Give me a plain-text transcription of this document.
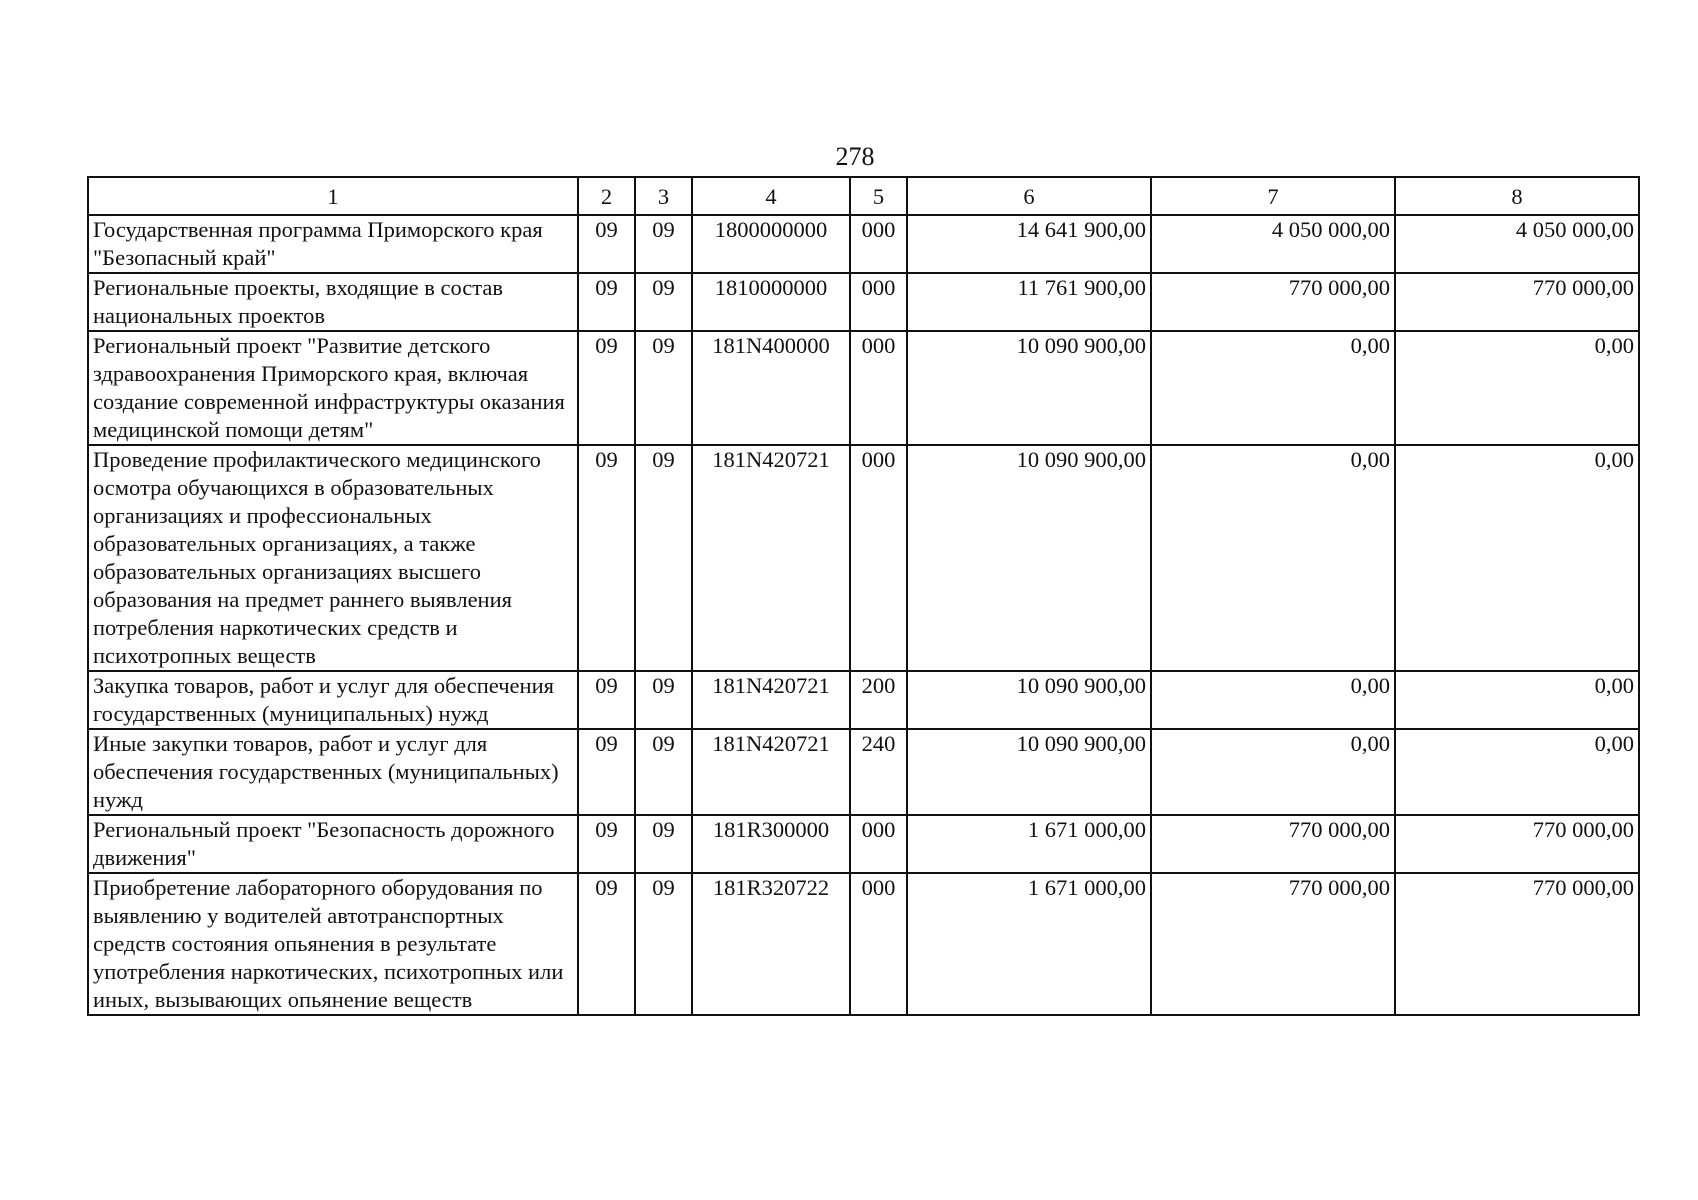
278
1	2	3	4	5	6	7	8
Государственная программа Приморского края "Безопасный край"	09	09	1800000000	000	14 641 900,00	4 050 000,00	4 050 000,00
Региональные проекты, входящие в состав национальных проектов	09	09	1810000000	000	11 761 900,00	770 000,00	770 000,00
Региональный проект "Развитие детского здравоохранения Приморского края, включая создание современной инфраструктуры оказания медицинской помощи детям"	09	09	181N400000	000	10 090 900,00	0,00	0,00
Проведение профилактического медицинского осмотра обучающихся в образовательных организациях и профессиональных образовательных организациях, а также образовательных организациях высшего образования на предмет раннего выявления потребления наркотических средств и психотропных веществ	09	09	181N420721	000	10 090 900,00	0,00	0,00
Закупка товаров, работ и услуг для обеспечения государственных (муниципальных) нужд	09	09	181N420721	200	10 090 900,00	0,00	0,00
Иные закупки товаров, работ и услуг для обеспечения государственных (муниципальных) нужд	09	09	181N420721	240	10 090 900,00	0,00	0,00
Региональный проект "Безопасность дорожного движения"	09	09	181R300000	000	1 671 000,00	770 000,00	770 000,00
Приобретение лабораторного оборудования по выявлению у водителей автотранспортных средств состояния опьянения в результате употребления наркотических, психотропных или иных, вызывающих опьянение веществ	09	09	181R320722	000	1 671 000,00	770 000,00	770 000,00
